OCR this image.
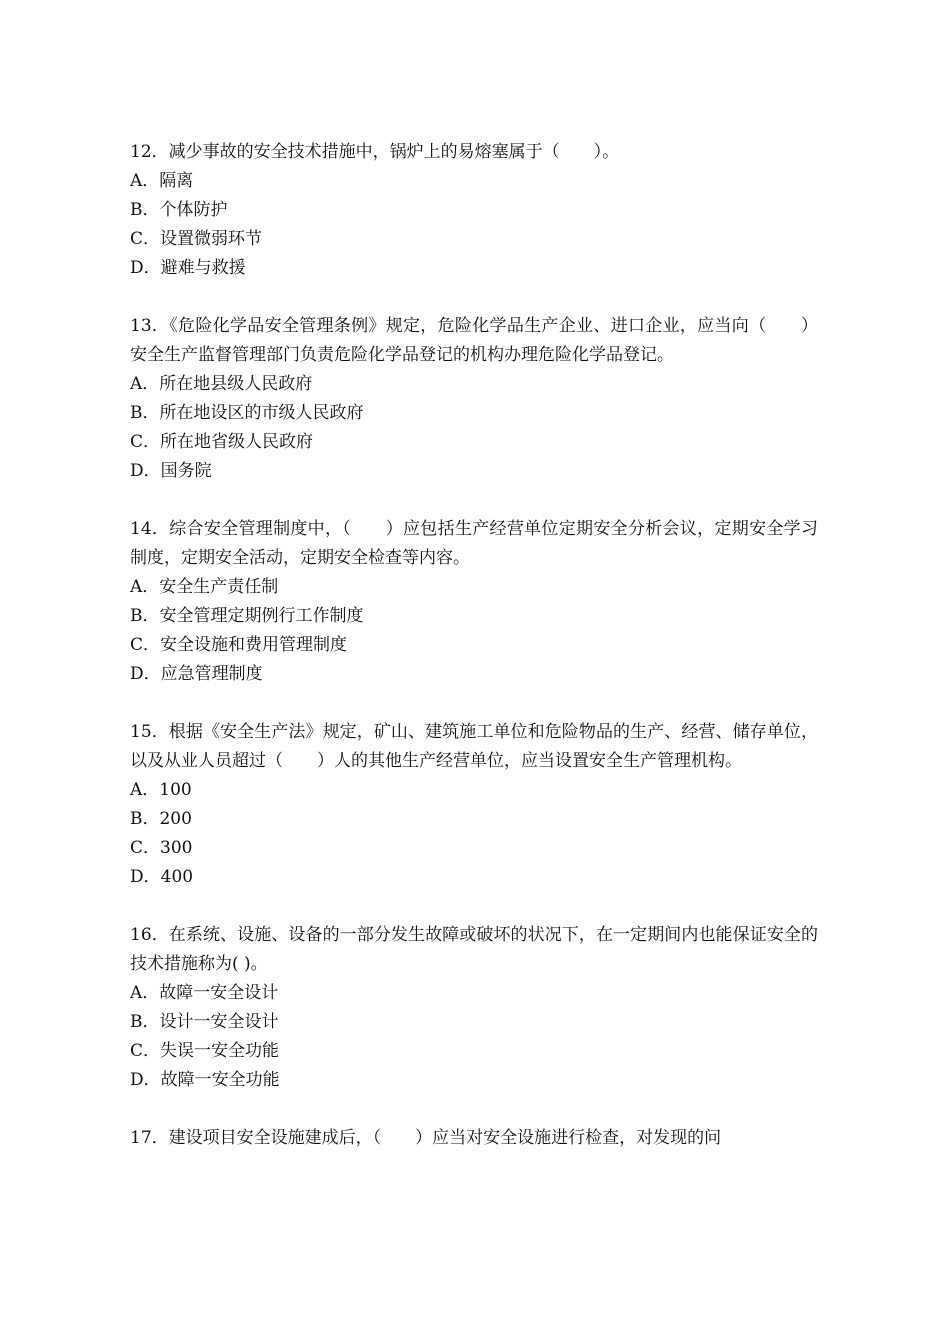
12．减少事故的安全技术措施中，锅炉上的易熔塞属于（　　）。

A．隔离

B．个体防护

C．设置微弱环节

D．避难与救援

13．《危险化学品安全管理条例》规定，危险化学品生产企业、进口企业，应当向（　　）安全生产监督管理部门负责危险化学品登记的机构办理危险化学品登记。

A．所在地县级人民政府

B．所在地设区的市级人民政府

C．所在地省级人民政府

D．国务院

14．综合安全管理制度中，（　　）应包括生产经营单位定期安全分析会议，定期安全学习制度，定期安全活动，定期安全检查等内容。

A．安全生产责任制

B．安全管理定期例行工作制度

C．安全设施和费用管理制度

D．应急管理制度

15．根据《安全生产法》规定，矿山、建筑施工单位和危险物品的生产、经营、储存单位，以及从业人员超过（　　）人的其他生产经营单位，应当设置安全生产管理机构。

A．100

B．200

C．300

D．400

16．在系统、设施、设备的一部分发生故障或破坏的状况下，在一定期间内也能保证安全的技术措施称为( )。

A．故障一安全设计

B．设计一安全设计

C．失误一安全功能

D．故障一安全功能

17．建设项目安全设施建成后，（　　）应当对安全设施进行检查，对发现的问
